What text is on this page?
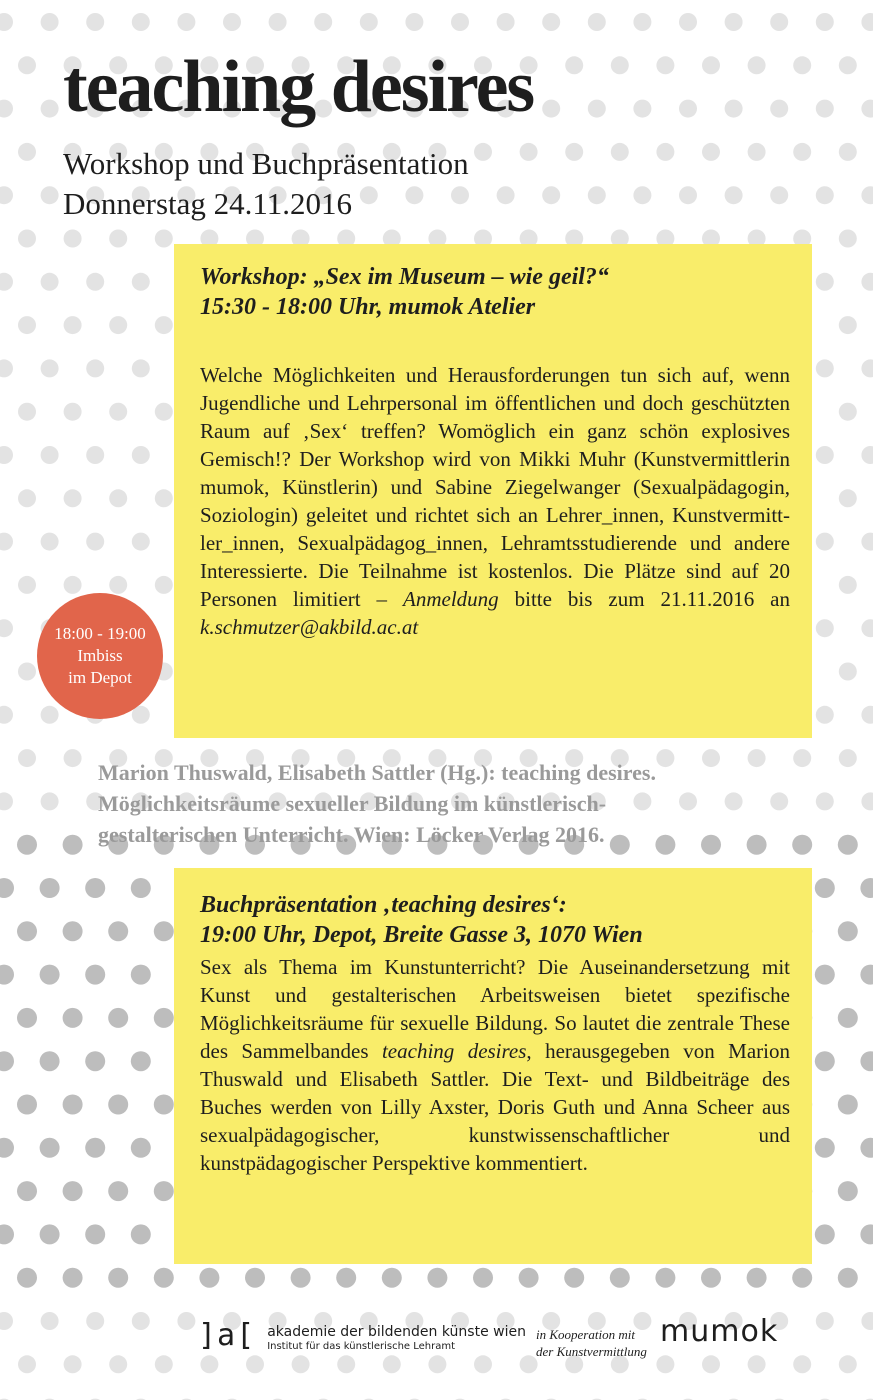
teaching desires
Workshop und Buchpräsentation
Donnerstag 24.11.2016
Workshop: „Sex im Museum – wie geil?“
15:30 - 18:00 Uhr, mumok Atelier
Welche Möglichkeiten und Herausforderungen tun sich auf, wenn Jugendliche und Lehrpersonal im öffentlichen und doch geschützten Raum auf ‚Sex‘ treffen? Womöglich ein ganz schön explosives Gemisch!? Der Workshop wird von Mikki Muhr (Kunstvermittlerin mumok, Künstlerin) und Sabine Ziegelwanger (Sexualpädagogin, Soziologin) geleitet und richtet sich an Lehrer_innen, Kunstvermittler_innen, Sexualpädagog_innen, Lehramtsstudierende und andere Interessierte. Die Teilnahme ist kostenlos. Die Plätze sind auf 20 Personen limitiert – Anmeldung bitte bis zum 21.11.2016 an k.schmutzer@akbild.ac.at
18:00 - 19:00
Imbiss
im Depot
Marion Thuswald, Elisabeth Sattler (Hg.): teaching desires.
Möglichkeitsräume sexueller Bildung im künstlerisch-
gestalterischen Unterricht. Wien: Löcker Verlag 2016.
Buchpräsentation ‚teaching desires‘:
19:00 Uhr, Depot, Breite Gasse 3, 1070 Wien
Sex als Thema im Kunstunterricht? Die Auseinandersetzung mit Kunst und gestalterischen Arbeitsweisen bietet spezifische Möglichkeitsräume für sexuelle Bildung. So lautet die zentrale These des Sammelbandes teaching desires, herausgegeben von Marion Thuswald und Elisabeth Sattler. Die Text- und Bildbeiträge des Buches werden von Lilly Axster, Doris Guth und Anna Scheer aus sexualpädagogischer, kunstwissenschaftlicher und kunstpädagogischer Perspektive kommentiert.
]a[ akademie der bildenden künste wien
Institut für das künstlerische Lehramt
in Kooperation mit
der Kunstvermittlung
mumok
